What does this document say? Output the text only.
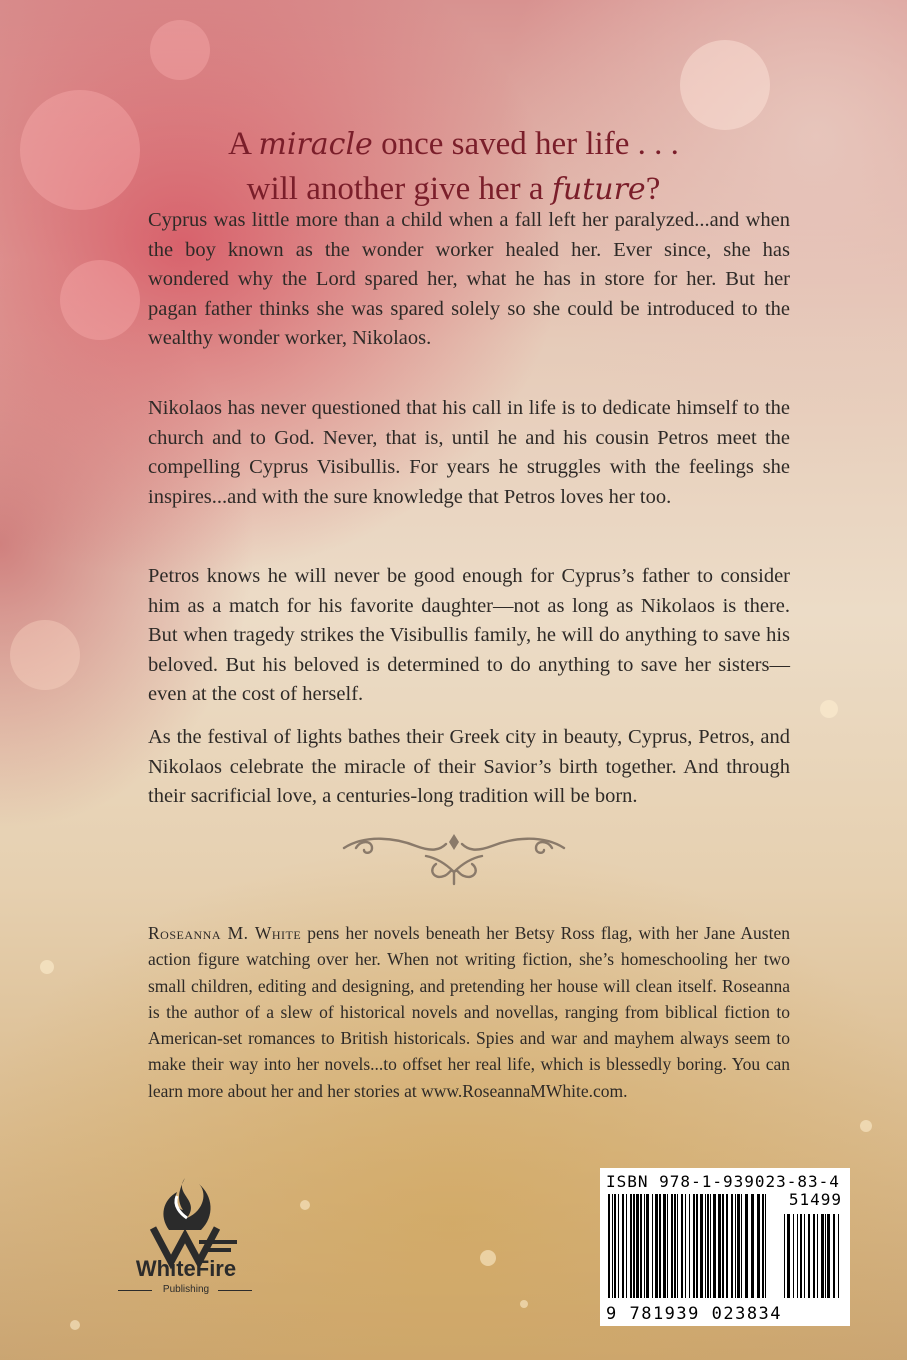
A miracle once saved her life . . .
will another give her a future?

Cyprus was little more than a child when a fall left her paralyzed...and when the boy known as the wonder worker healed her. Ever since, she has wondered why the Lord spared her, what he has in store for her. But her pagan father thinks she was spared solely so she could be introduced to the wealthy wonder worker, Nikolaos.

Nikolaos has never questioned that his call in life is to dedicate himself to the church and to God. Never, that is, until he and his cousin Petros meet the compelling Cyprus Visibullis. For years he struggles with the feelings she inspires...and with the sure knowledge that Petros loves her too.

Petros knows he will never be good enough for Cyprus’s father to consider him as a match for his favorite daughter—not as long as Nikolaos is there. But when tragedy strikes the Visibullis family, he will do anything to save his beloved. But his beloved is determined to do anything to save her sisters—even at the cost of herself.

As the festival of lights bathes their Greek city in beauty, Cyprus, Petros, and Nikolaos celebrate the miracle of their Savior’s birth together. And through their sacrificial love, a centuries-long tradition will be born.

Roseanna M. White pens her novels beneath her Betsy Ross flag, with her Jane Austen action figure watching over her. When not writing fiction, she’s homeschooling her two small children, editing and designing, and pretending her house will clean itself. Roseanna is the author of a slew of historical novels and novellas, ranging from biblical fiction to American-set romances to British historicals. Spies and war and mayhem always seem to make their way into her novels...to offset her real life, which is blessedly boring. You can learn more about her and her stories at www.RoseannaMWhite.com.

WhiteFire
Publishing
ISBN 978-1-939023-83-4
51499
9 781939 023834
